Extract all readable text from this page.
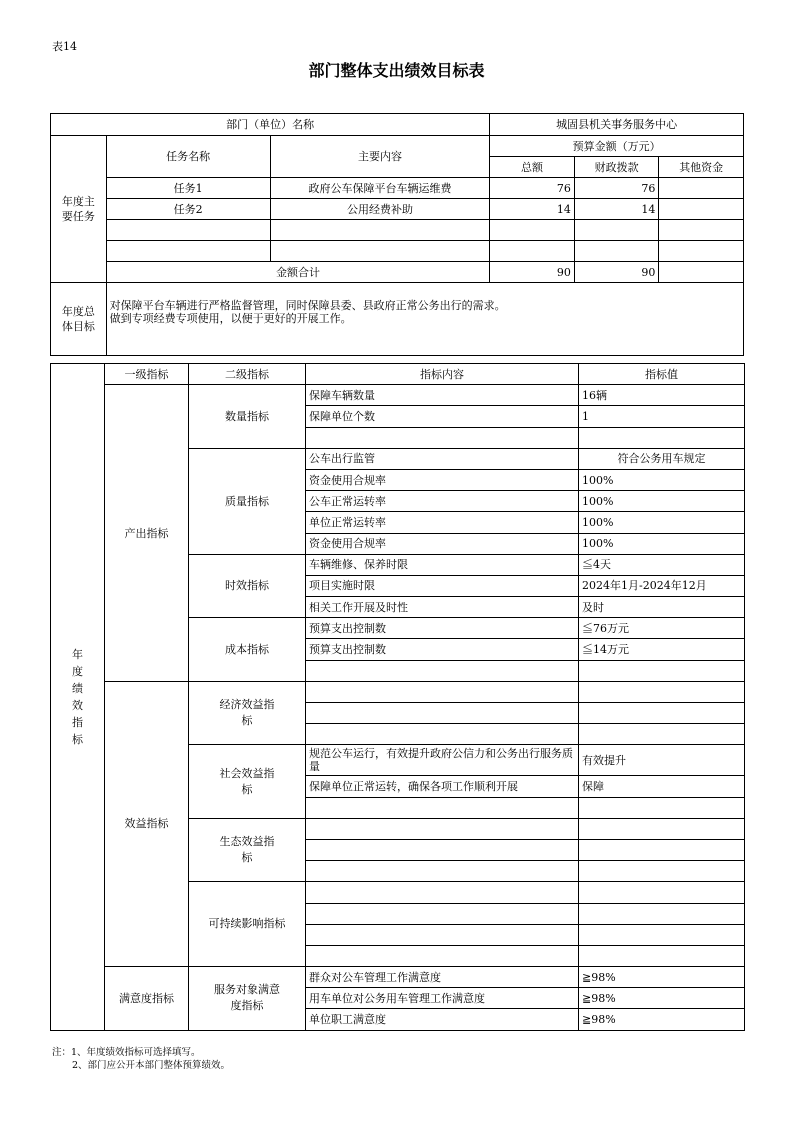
表14
部门整体支出绩效目标表
部门（单位）名称			城固县机关事务服务中心		
年度主要任务	任务名称	主要内容	预算金额（万元）		
			总额	财政拨款	其他资金
	任务1	政府公车保障平台车辆运维费	76	76	
	任务2	公用经费补助	14	14	

	金额合计		90	90	
年度总体目标	对保障平台车辆进行严格监督管理，同时保障县委、县政府正常公务出行的需求。
做到专项经费专项使用，以便于更好的开展工作。				
年度绩效指标	一级指标	二级指标	指标内容	指标值
	产出指标	数量指标	保障车辆数量	16辆
			保障单位个数	1

		质量指标	公车出行监管	符合公务用车规定
			资金使用合规率	100%
			公车正常运转率	100%
			单位正常运转率	100%
			资金使用合规率	100%
		时效指标	车辆维修、保养时限	≦4天
			项目实施时限	2024年1月-2024年12月
			相关工作开展及时性	及时
		成本指标	预算支出控制数	≦76万元
			预算支出控制数	≦14万元

	效益指标	经济效益指标		

		社会效益指标	规范公车运行，有效提升政府公信力和公务出行服务质量	有效提升
			保障单位正常运转，确保各项工作顺利开展	保障

		生态效益指标		

		可持续影响指标		

	满意度指标	服务对象满意度指标	群众对公车管理工作满意度	≧98%
			用车单位对公务用车管理工作满意度	≧98%
			单位职工满意度	≧98%
注：1、年度绩效指标可选择填写。
2、部门应公开本部门整体预算绩效。
